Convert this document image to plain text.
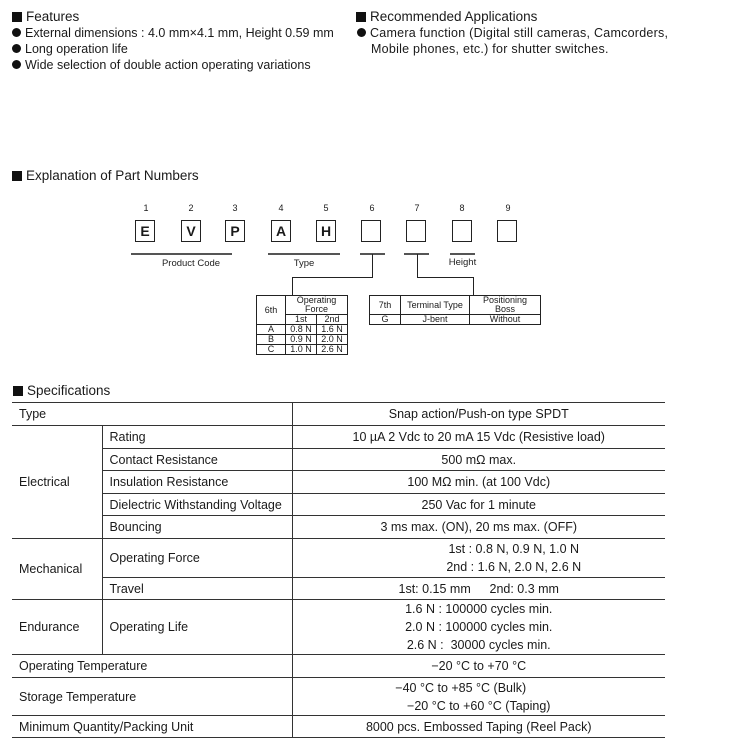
Features
External dimensions : 4.0 mm×4.1 mm, Height 0.59 mm
Long operation life
Wide selection of double action operating variations
Recommended Applications
Camera function (Digital still cameras, Camcorders,
Mobile phones, etc.) for shutter switches.
Explanation of Part Numbers
1	2	3	4	5	6	7	8	9
E	V	P	A	H
Product Code	Type	Height
6th	Operating Force	
	1st	2nd
A	0.8 N	1.6 N
B	0.9 N	2.0 N
C	1.0 N	2.6 N
7th	Terminal Type	Positioning Boss
G	J-bent	Without
Specifications
Type		Snap action/Push-on type SPDT
Electrical	Rating	10 µA 2 Vdc to 20 mA 15 Vdc (Resistive load)
	Contact Resistance	500 mΩ max.
	Insulation Resistance	100 MΩ min. (at 100 Vdc)
	Dielectric Withstanding Voltage	250 Vac for 1 minute
	Bouncing	3 ms max. (ON), 20 ms max. (OFF)
Mechanical	Operating Force	1st : 0.8 N, 0.9 N, 1.0 N
2nd : 1.6 N, 2.0 N, 2.6 N

	Travel	1st: 0.15 mm  2nd: 0.3 mm
Endurance	Operating Life	1.6 N : 100000 cycles min.
2.0 N : 100000 cycles min.
2.6 N :  30000 cycles min.

Operating Temperature		−20 °C to +70 °C
Storage Temperature		−40 °C to +85 °C (Bulk)
−20 °C to +60 °C (Taping)

Minimum Quantity/Packing Unit		8000 pcs. Embossed Taping (Reel Pack)
